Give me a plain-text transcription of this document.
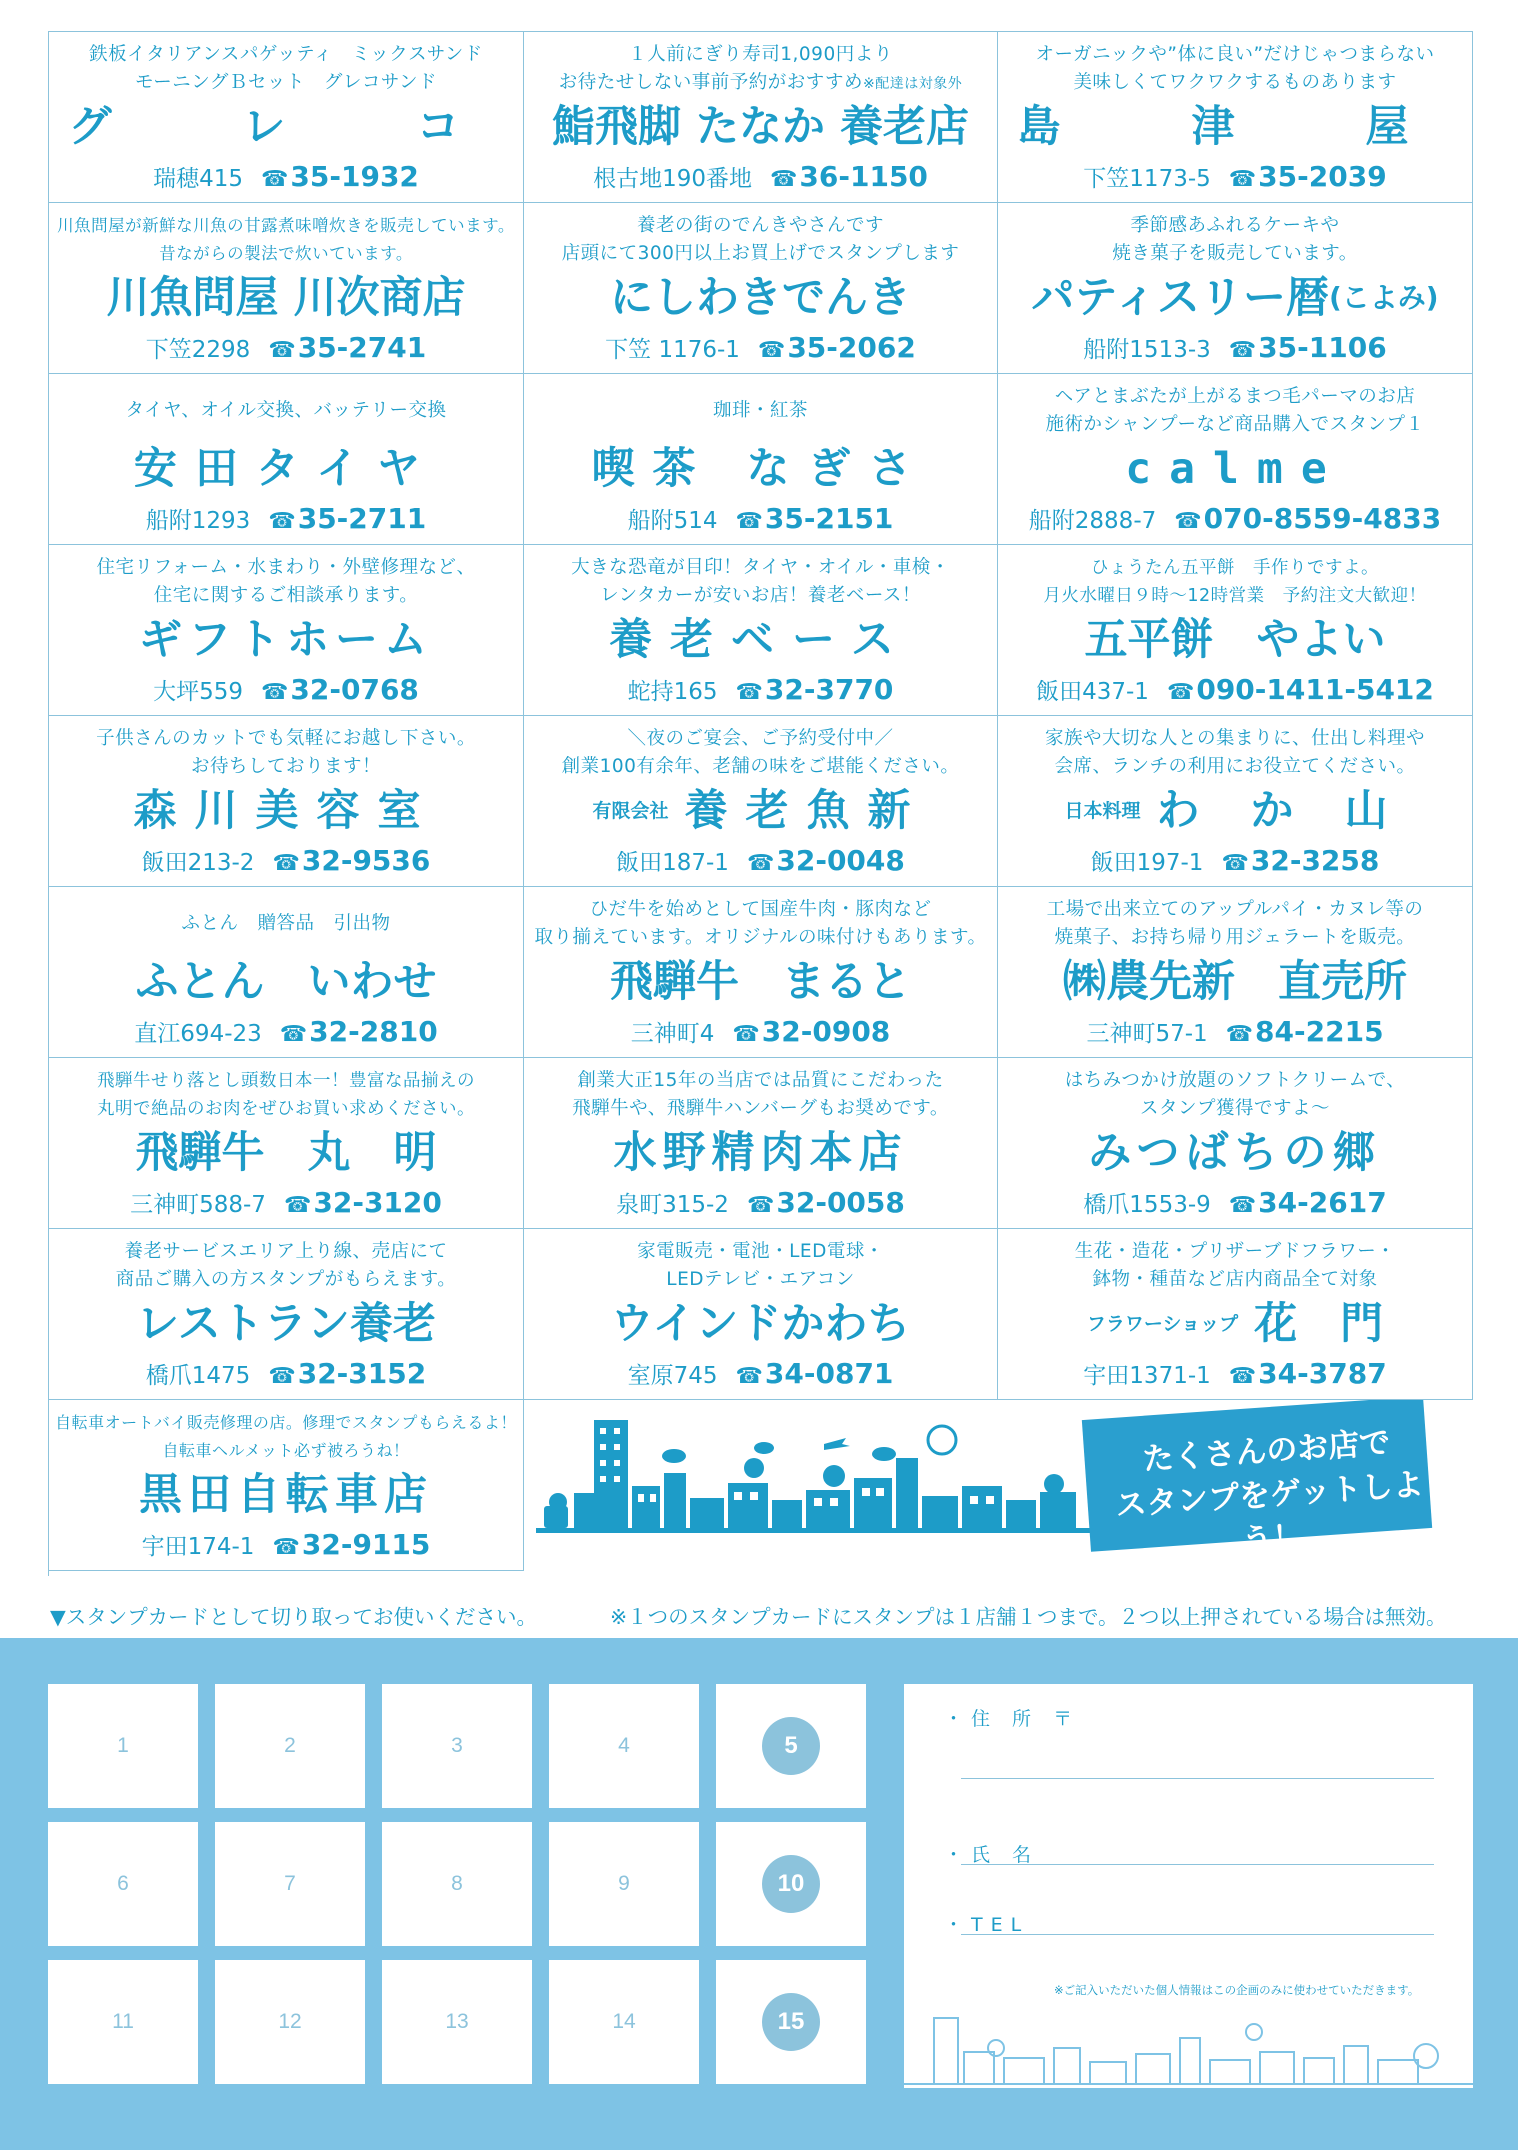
鉄板イタリアンスパゲッティ　ミックスサンド
モーニングＢセット　グレコサンド
グ　レ　コ
瑞穂415 ☎35-1932
１人前にぎり寿司1,090円より
お待たせしない事前予約がおすすめ※配達は対象外
鮨飛脚 たなか 養老店
根古地190番地 ☎36-1150
オーガニックや”体に良い”だけじゃつまらない
美味しくてワクワクするものあります
島　津　屋
下笠1173-5 ☎35-2039
川魚問屋が新鮮な川魚の甘露煮味噌炊きを販売しています。
昔ながらの製法で炊いています。
川魚問屋 川次商店
下笠2298 ☎35-2741
養老の街のでんきやさんです
店頭にて300円以上お買上げでスタンプします
にしわきでんき
下笠 1176-1 ☎35-2062
季節感あふれるケーキや
焼き菓子を販売しています。
パティスリー暦 (こよみ)
船附1513-3 ☎35-1106
タイヤ、オイル交換、バッテリー交換
安田タイヤ
船附1293 ☎35-2711
珈琲・紅茶
喫茶 なぎさ
船附514 ☎35-2151
ヘアとまぶたが上がるまつ毛パーマのお店
施術かシャンプーなど商品購入でスタンプ１
calme
船附2888-7 ☎070-8559-4833
住宅リフォーム・水まわり・外壁修理など、
住宅に関するご相談承ります。
ギフトホーム
大坪559 ☎32-0768
大きな恐竜が目印！タイヤ・オイル・車検・
レンタカーが安いお店！養老ベース！
養老ベース
蛇持165 ☎32-3770
ひょうたん五平餅　手作りですよ。
月火水曜日９時～12時営業　予約注文大歓迎！
五平餅　やよい
飯田437-1 ☎090-1411-5412
子供さんのカットでも気軽にお越し下さい。
お待ちしております！
森川美容室
飯田213-2 ☎32-9536
＼夜のご宴会、ご予約受付中／
創業100有余年、老舗の味をご堪能ください。
有限会社 養老魚新
飯田187-1 ☎32-0048
家族や大切な人との集まりに、仕出し料理や
会席、ランチの利用にお役立てください。
日本料理 わ か 山
飯田197-1 ☎32-3258
ふとん　贈答品　引出物
ふとん　いわせ
直江694-23 ☎32-2810
ひだ牛を始めとして国産牛肉・豚肉など
取り揃えています。オリジナルの味付けもあります。
飛騨牛　まると
三神町4 ☎32-0908
工場で出来立てのアップルパイ・カヌレ等の
焼菓子、お持ち帰り用ジェラートを販売。
㈱農先新　直売所
三神町57-1 ☎84-2215
飛騨牛せり落とし頭数日本一！豊富な品揃えの
丸明で絶品のお肉をぜひお買い求めください。
飛騨牛　丸　明
三神町588-7 ☎32-3120
創業大正15年の当店では品質にこだわった
飛騨牛や、飛騨牛ハンバーグもお奨めです。
水野精肉本店
泉町315-2 ☎32-0058
はちみつかけ放題のソフトクリームで、
スタンプ獲得ですよ～
みつばちの郷
橋爪1553-9 ☎34-2617
養老サービスエリア上り線、売店にて
商品ご購入の方スタンプがもらえます。
レストラン養老
橋爪1475 ☎32-3152
家電販売・電池・LED電球・
LEDテレビ・エアコン
ウインドかわち
室原745 ☎34-0871
生花・造花・プリザーブドフラワー・
鉢物・種苗など店内商品全て対象
フラワーショップ 花　門
宇田1371-1 ☎34-3787
自転車オートバイ販売修理の店。修理でスタンプもらえるよ！
自転車ヘルメット必ず被ろうね！
黒田自転車店
宇田174-1 ☎32-9115
たくさんのお店で
スタンプをゲットしよう！
▼スタンプカードとして切り取ってお使いください。	※１つのスタンプカードにスタンプは１店舗１つまで。２つ以上押されている場合は無効。
1	2	3	4	5
6	7	8	9	10
11	12	13	14	15
・住 所 〒
・氏 名
・TEL
※ご記入いただいた個人情報はこの企画のみに使わせていただきます。
